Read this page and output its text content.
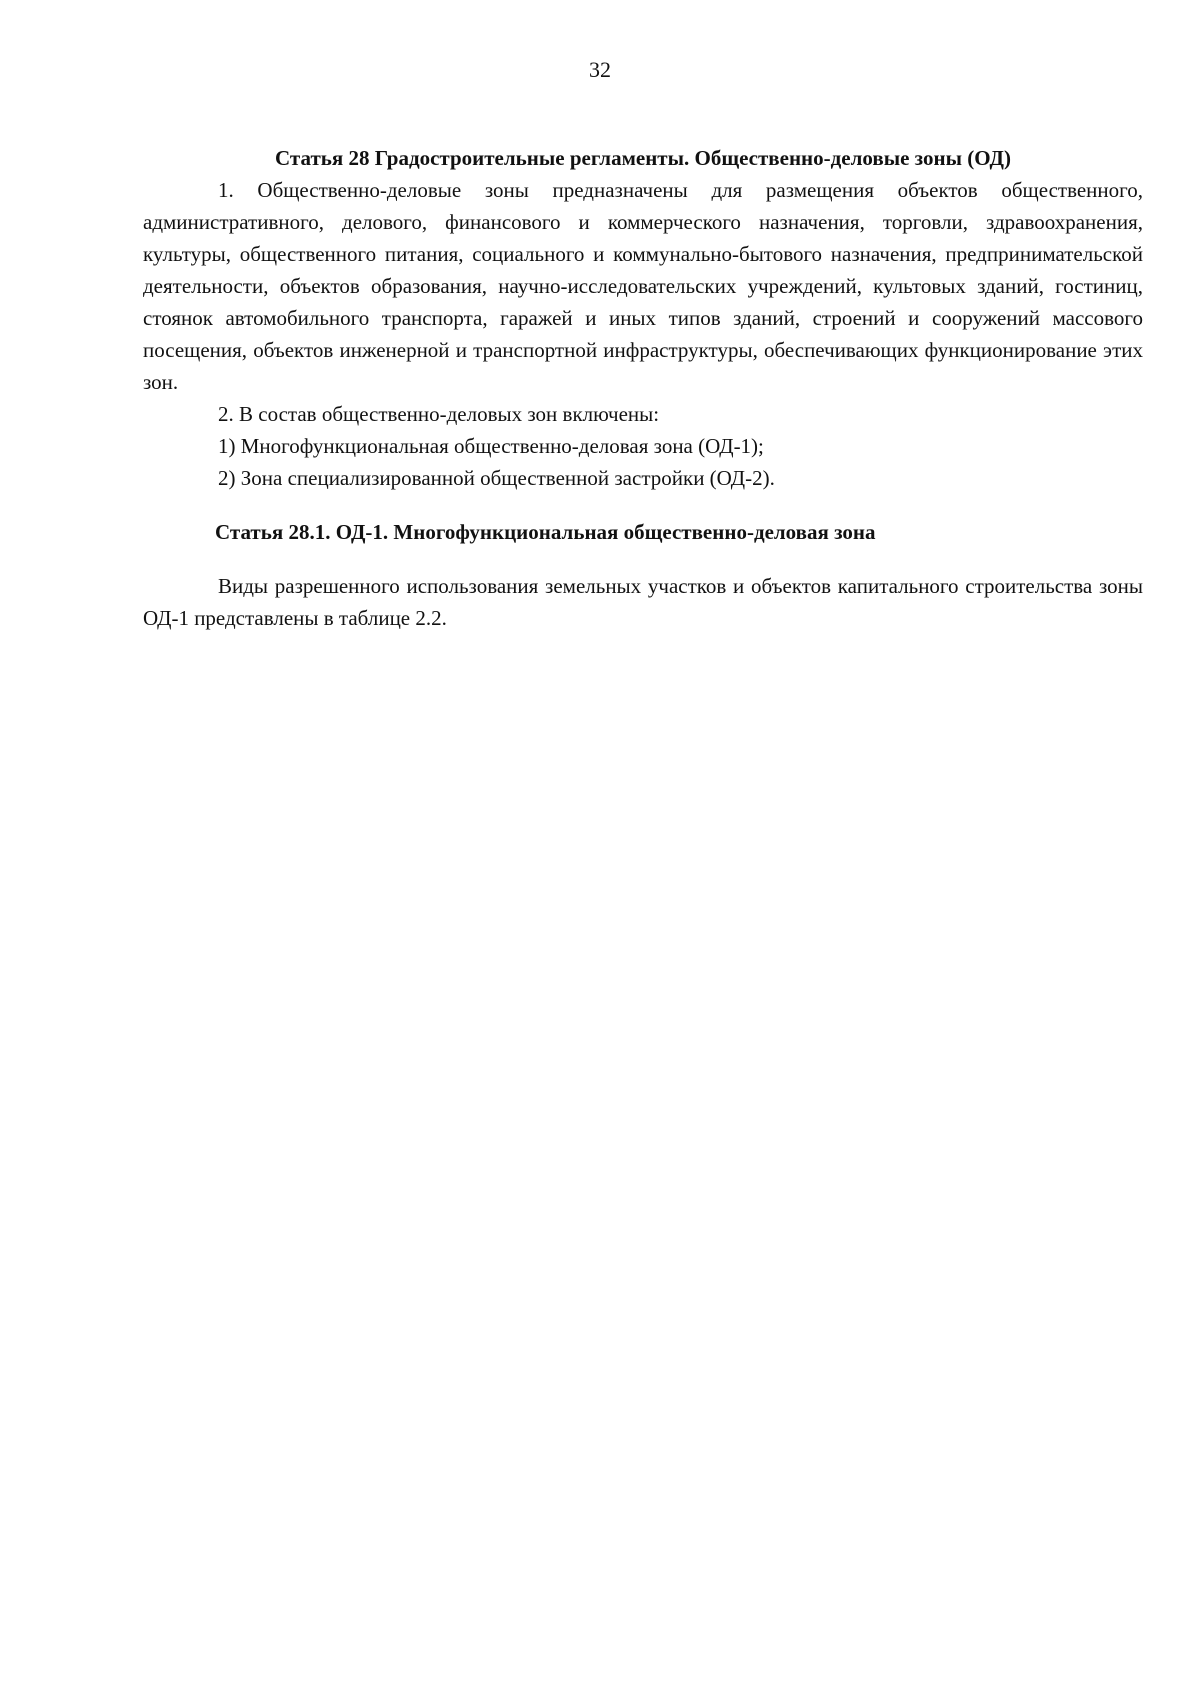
32

Статья 28 Градостроительные регламенты. Общественно-деловые зоны (ОД)

1. Общественно-деловые зоны предназначены для размещения объектов общественного, административного, делового, финансового и коммерческого назначения, торговли, здравоохранения, культуры, общественного питания, социального и коммунально-бытового назначения, предпринимательской деятельности, объектов образования, научно-исследовательских учреждений, культовых зданий, гостиниц, стоянок автомобильного транспорта, гаражей и иных типов зданий, строений и сооружений массового посещения, объектов инженерной и транспортной инфраструктуры, обеспечивающих функционирование этих зон.

2. В состав общественно-деловых зон включены:

1) Многофункциональная общественно-деловая зона (ОД-1);

2) Зона специализированной общественной застройки (ОД-2).

Статья 28.1. ОД-1. Многофункциональная общественно-деловая зона

Виды разрешенного использования земельных участков и объектов капитального строительства зоны ОД-1 представлены в таблице 2.2.
